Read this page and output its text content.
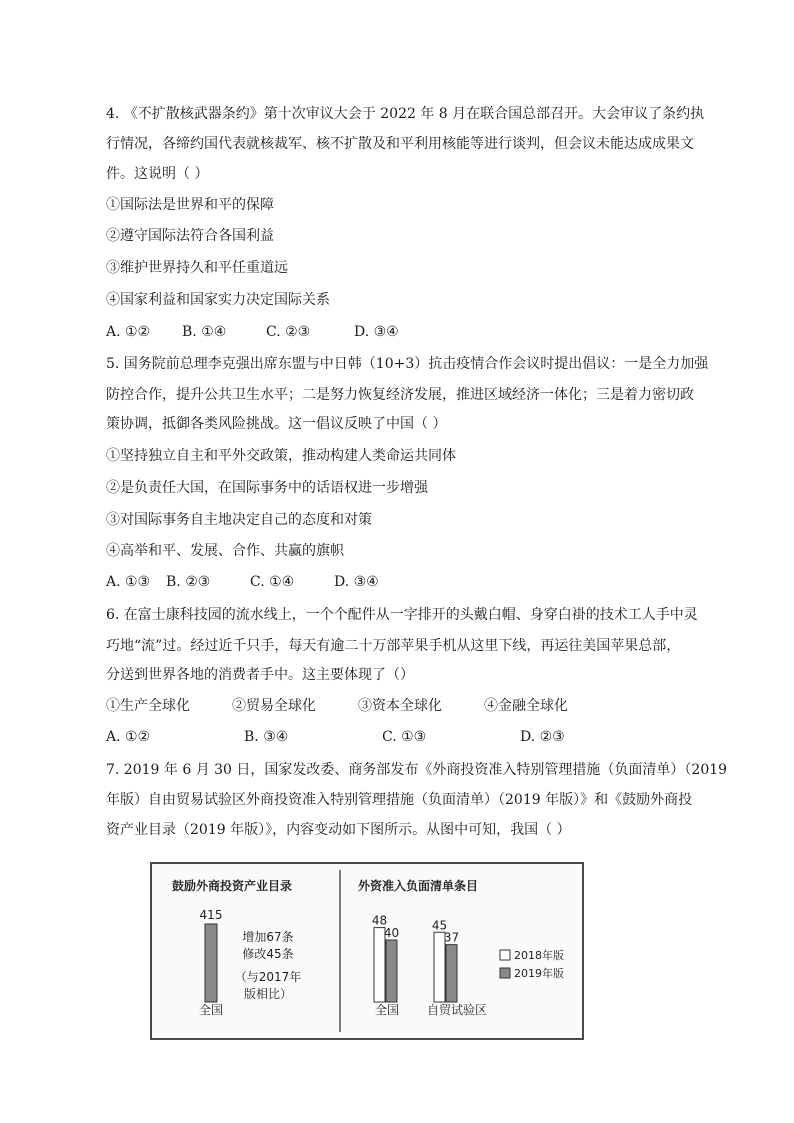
4. 《不扩散核武器条约》第十次审议大会于 2022 年 8 月在联合国总部召开。大会审议了条约执
行情况，各缔约国代表就核裁军、核不扩散及和平利用核能等进行谈判，但会议未能达成成果文
件。这说明（ ）
①国际法是世界和平的保障
②遵守国际法符合各国利益
③维护世界持久和平任重道远
④国家利益和国家实力决定国际关系
A. ①② B. ①④	C. ②③	D. ③④
5. 国务院前总理李克强出席东盟与中日韩（10+3）抗击疫情合作会议时提出倡议：一是全力加强
防控合作，提升公共卫生水平；二是努力恢复经济发展，推进区域经济一体化；三是着力密切政
策协调，抵御各类风险挑战。这一倡议反映了中国（ ）
①坚持独立自主和平外交政策，推动构建人类命运共同体
②是负责任大国，在国际事务中的话语权进一步增强
③对国际事务自主地决定自己的态度和对策
④高举和平、发展、合作、共赢的旗帜
A. ①③ B. ②③	C. ①④	D. ③④
6. 在富士康科技园的流水线上，一个个配件从一字排开的头戴白帽、身穿白褂的技术工人手中灵
巧地“流”过。经过近千只手，每天有逾二十万部苹果手机从这里下线，再运往美国苹果总部，
分送到世界各地的消费者手中。这主要体现了（）
①生产全球化	②贸易全球化	③资本全球化	④金融全球化
A. ①②	B. ③④	C. ①③	D. ②③
7. 2019 年 6 月 30 日，国家发改委、商务部发布《外商投资准入特别管理措施（负面清单）（2019
年版）自由贸易试验区外商投资准入特别管理措施（负面清单）（2019 年版）》和《鼓励外商投
资产业目录（2019 年版）》，内容变动如下图所示。从图中可知，我国（ ）
鼓励外商投资产业目录
415
全国
增加67条
修改45条
（与2017年
版相比）
外资准入负面清单条目
48
40
全国
45
37
自贸试验区
2018年版
2019年版
